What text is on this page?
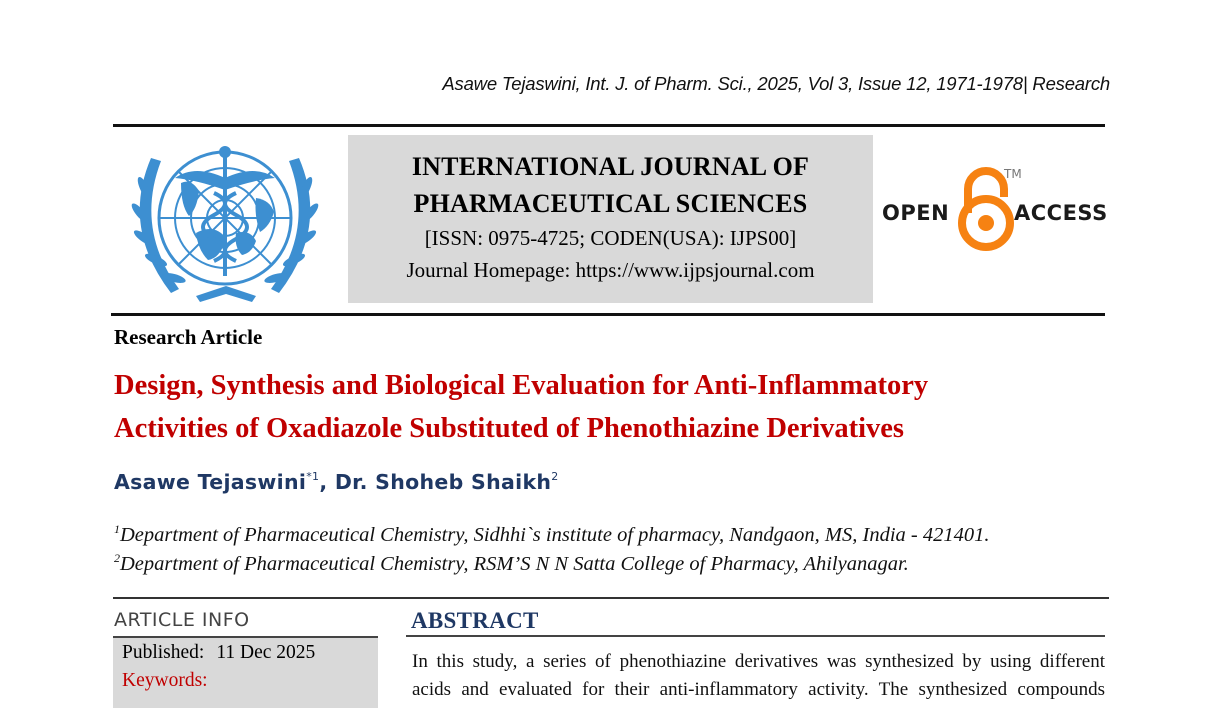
Asawe Tejaswini, Int. J. of Pharm. Sci., 2025, Vol 3, Issue 12, 1971-1978| Research
INTERNATIONAL JOURNAL OF
PHARMACEUTICAL SCIENCES
[ISSN: 0975-4725; CODEN(USA): IJPS00]
Journal Homepage: https://www.ijpsjournal.com
OPEN
TM
ACCESS
Research Article
Design, Synthesis and Biological Evaluation for Anti-Inflammatory
Activities of Oxadiazole Substituted of Phenothiazine Derivatives
Asawe Tejaswini$^{*1}$, Dr. Shoheb Shaikh$^2$
$^1$Department of Pharmaceutical Chemistry, Sidhhi`s institute of pharmacy, Nandgaon, MS, India - 421401.
$^2$Department of Pharmaceutical Chemistry, RSM’S N N Satta College of Pharmacy, Ahilyanagar.
ARTICLE INFO
Published: 11 Dec 2025
Keywords:
ABSTRACT
In this study, a series of phenothiazine derivatives was synthesized by using different
acids and evaluated for their anti-inflammatory activity. The synthesized compounds
